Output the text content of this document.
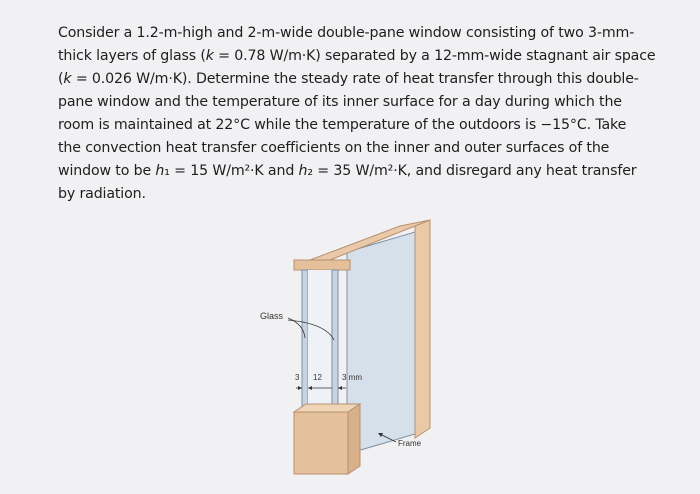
Consider a 1.2-m-high and 2-m-wide double-pane window consisting of two 3-mm-
thick layers of glass (k = 0.78 W/m·K) separated by a 12-mm-wide stagnant air space
(k = 0.026 W/m·K). Determine the steady rate of heat transfer through this double-
pane window and the temperature of its inner surface for a day during which the
room is maintained at 22°C while the temperature of the outdoors is −15°C. Take
the convection heat transfer coefficients on the inner and outer surfaces of the
window to be h₁ = 15 W/m²·K and h₂ = 35 W/m²·K, and disregard any heat transfer
by radiation.

Glass
3 12	3 mm
Frame
